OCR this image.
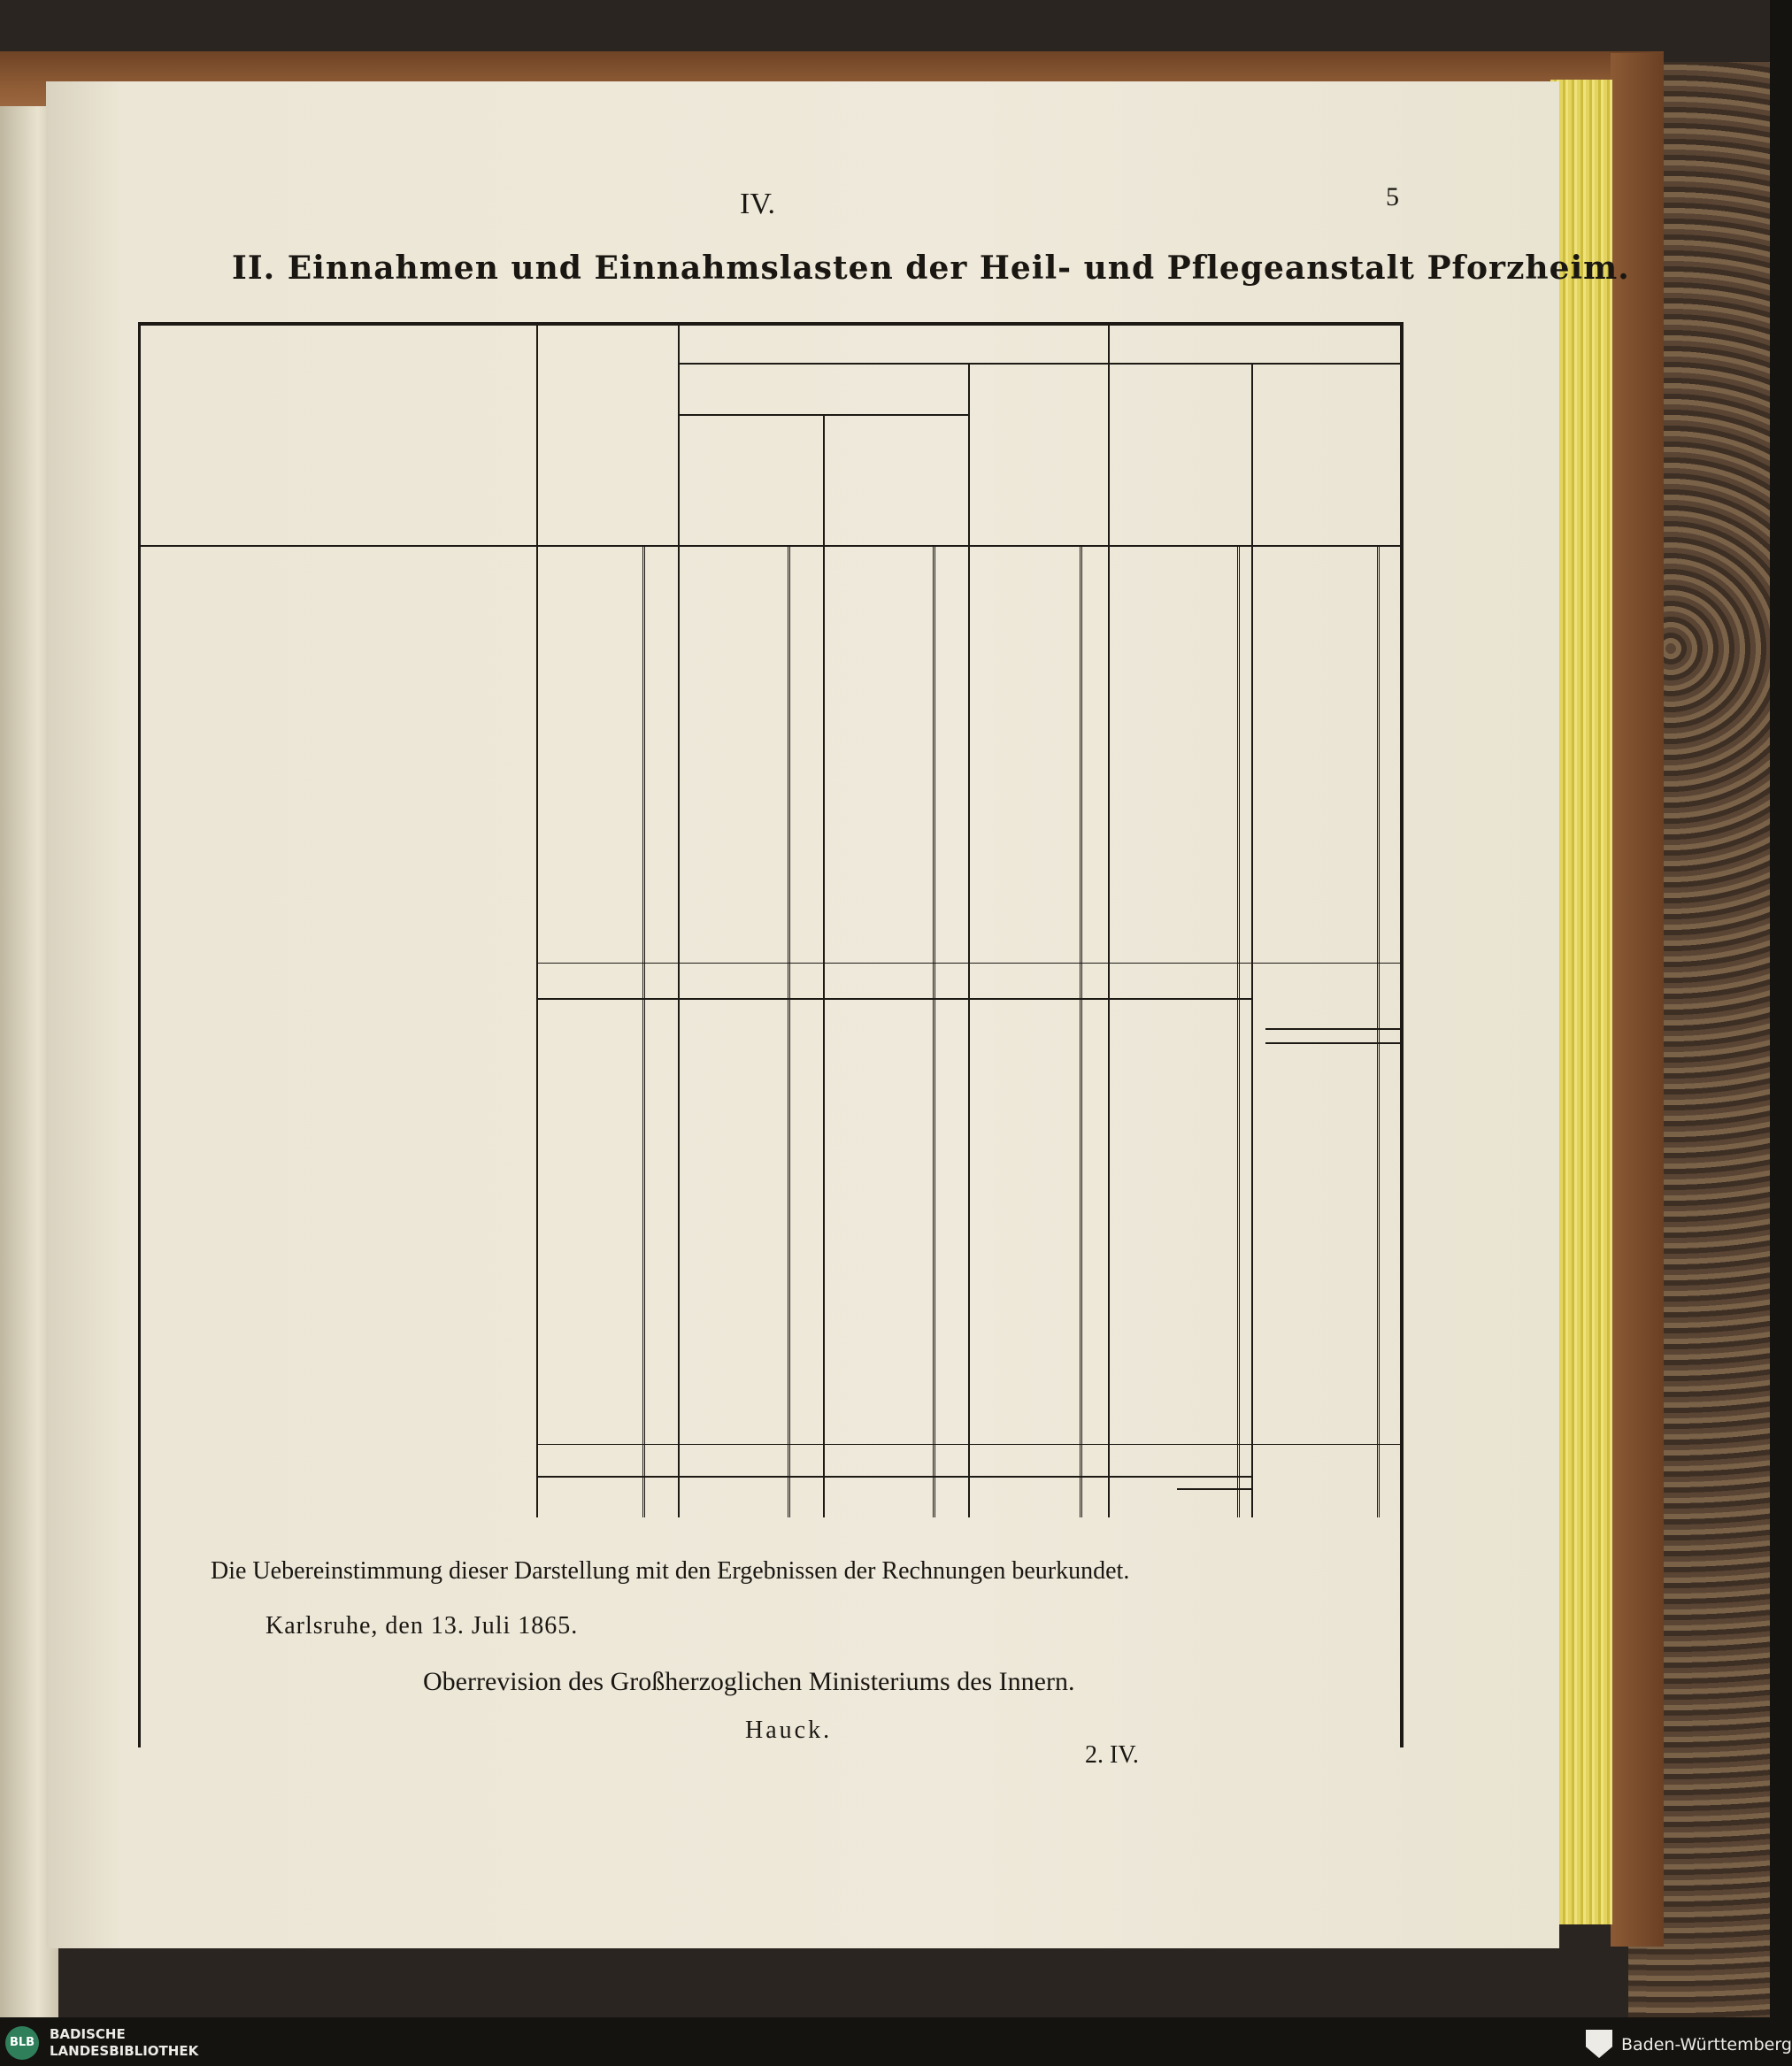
IV.	5
II. Einnahmen und Einnahmslasten der Heil- und Pflegeanstalt Pforzheim.
Die Uebereinstimmung dieser Darstellung mit den Ergebnissen der Rechnungen beurkundet.
Karlsruhe, den 13. Juli 1865.
Oberrevision des Großherzoglichen Ministeriums des Innern.
Hauck.
2. IV.
BLB
BADISCHE
LANDESBIBLIOTHEK	Baden-Württemberg
